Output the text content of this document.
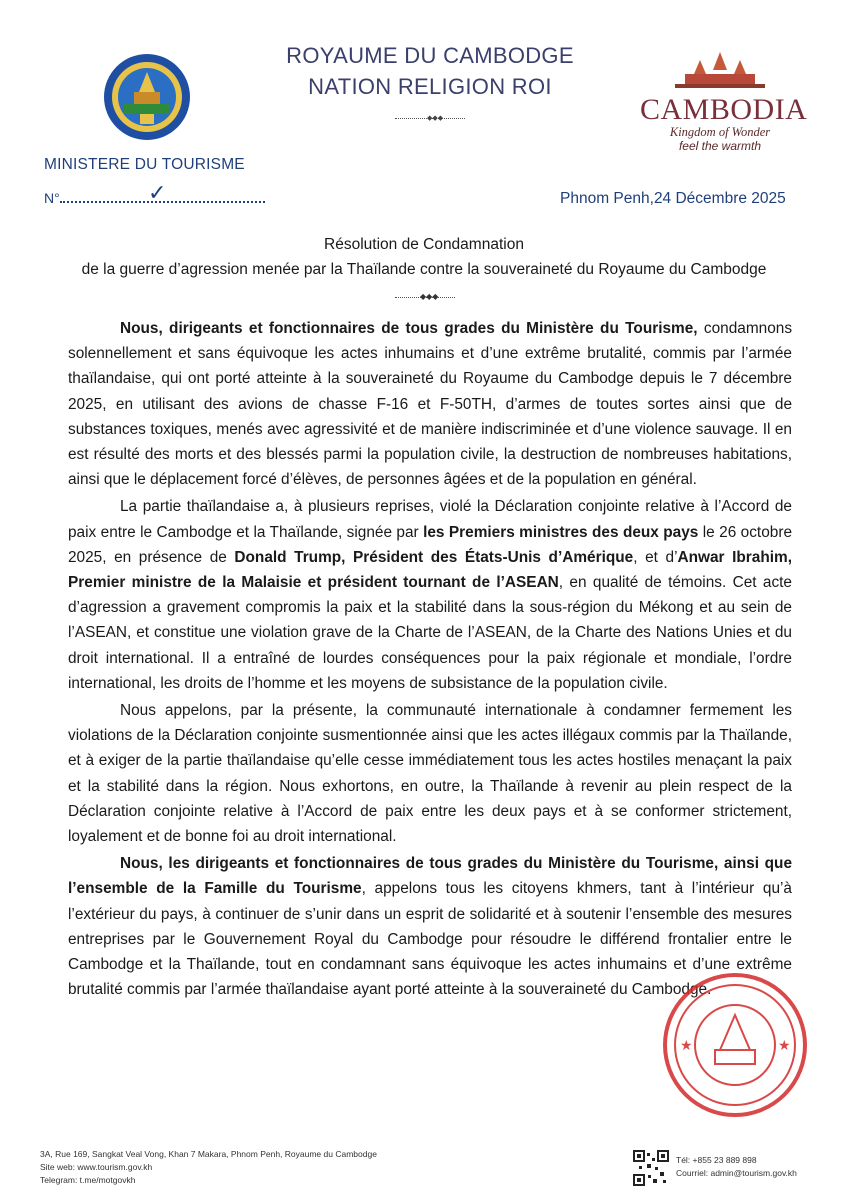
ROYAUME DU CAMBODGE
NATION RELIGION ROI
◆◆◆	CAMBODIA
Kingdom of Wonder
feel the warmth
MINISTERE DU TOURISME
N°	✓	Phnom Penh,24 Décembre 2025
Résolution de Condamnation
de la guerre d’agression menée par la Thaïlande contre la souveraineté du Royaume du Cambodge
◆◆◆

Nous, dirigeants et fonctionnaires de tous grades du Ministère du Tourisme, condamnons solennellement et sans équivoque les actes inhumains et d’une extrême brutalité, commis par l’armée thaïlandaise, qui ont porté atteinte à la souveraineté du Royaume du Cambodge depuis le 7 décembre 2025, en utilisant des avions de chasse F-16 et F-50TH, d’armes de toutes sortes ainsi que de substances toxiques, menés avec agressivité et de manière indiscriminée et d’une violence sauvage. Il en est résulté des morts et des blessés parmi la population civile, la destruction de nombreuses habitations, ainsi que le déplacement forcé d’élèves, de personnes âgées et de la population en général.

La partie thaïlandaise a, à plusieurs reprises, violé la Déclaration conjointe relative à l’Accord de paix entre le Cambodge et la Thaïlande, signée par les Premiers ministres des deux pays le 26 octobre 2025, en présence de Donald Trump, Président des États-Unis d’Amérique, et d’Anwar Ibrahim, Premier ministre de la Malaisie et président tournant de l’ASEAN, en qualité de témoins. Cet acte d’agression a gravement compromis la paix et la stabilité dans la sous-région du Mékong et au sein de l’ASEAN, et constitue une violation grave de la Charte de l’ASEAN, de la Charte des Nations Unies et du droit international. Il a entraîné de lourdes conséquences pour la paix régionale et mondiale, l’ordre international, les droits de l’homme et les moyens de subsistance de la population civile.

Nous appelons, par la présente, la communauté internationale à condamner fermement les violations de la Déclaration conjointe susmentionnée ainsi que les actes illégaux commis par la Thaïlande, et à exiger de la partie thaïlandaise qu’elle cesse immédiatement tous les actes hostiles menaçant la paix et la stabilité dans la région. Nous exhortons, en outre, la Thaïlande à revenir au plein respect de la Déclaration conjointe relative à l’Accord de paix entre les deux pays et à se conformer strictement, loyalement et de bonne foi au droit international.

Nous, les dirigeants et fonctionnaires de tous grades du Ministère du Tourisme, ainsi que l’ensemble de la Famille du Tourisme, appelons tous les citoyens khmers, tant à l’intérieur qu’à l’extérieur du pays, à continuer de s’unir dans un esprit de solidarité et à soutenir l’ensemble des mesures entreprises par le Gouvernement Royal du Cambodge pour résoudre le différend frontalier entre le Cambodge et la Thaïlande, tout en condamnant sans équivoque les actes inhumains et d’une extrême brutalité commis par l’armée thaïlandaise ayant porté atteinte à la souveraineté du Cambodge.

★	★
3A, Rue 169, Sangkat Veal Vong, Khan 7 Makara, Phnom Penh, Royaume du Cambodge
Site web: www.tourism.gov.kh
Telegram: t.me/motgovkh
Tél: +855 23 889 898
Courriel: admin@tourism.gov.kh
